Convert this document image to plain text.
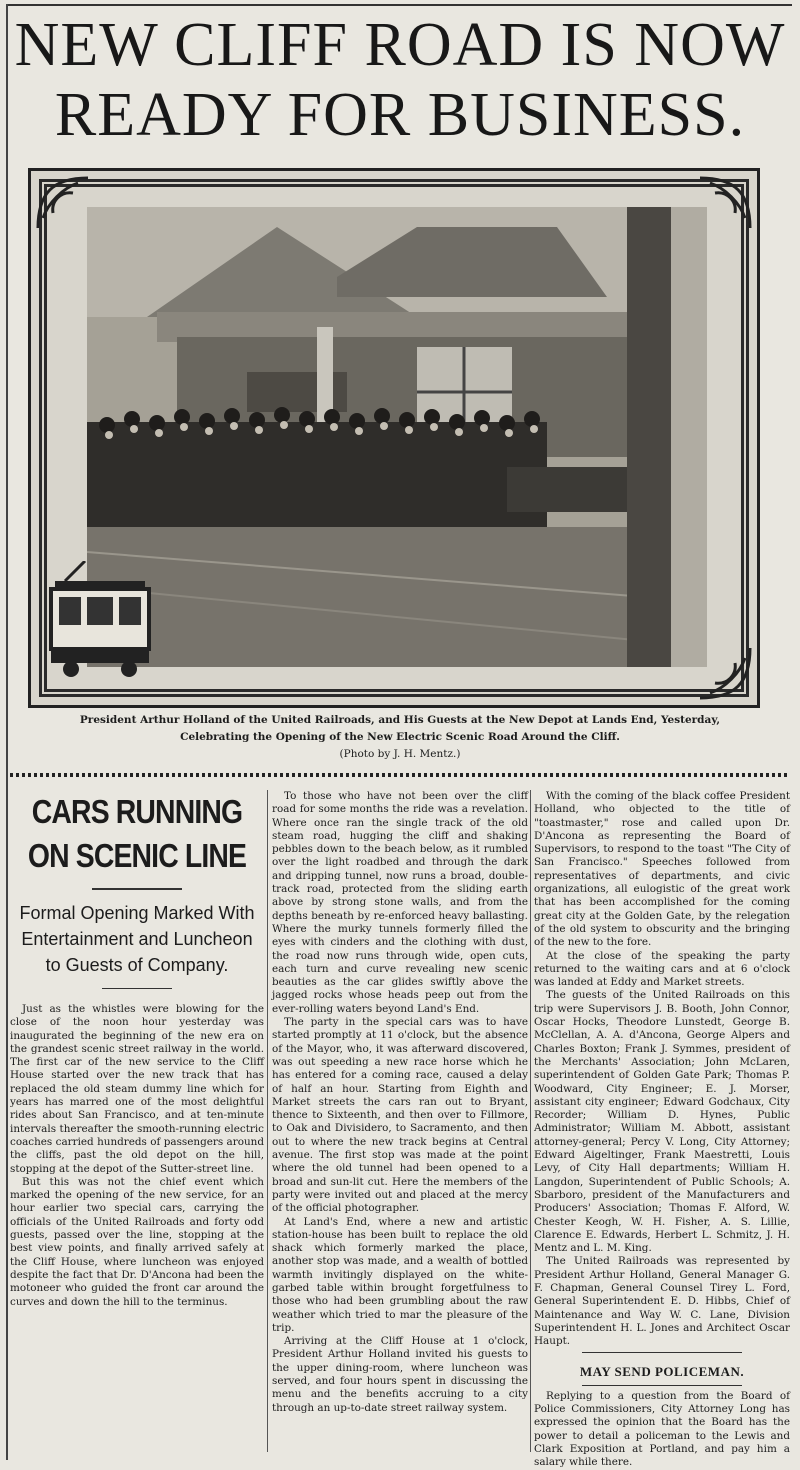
NEW CLIFF ROAD IS NOW
READY FOR BUSINESS.
President Arthur Holland of the United Railroads, and His Guests at the New Depot at Lands End, Yesterday,
Celebrating the Opening of the New Electric Scenic Road Around the Cliff.
(Photo by J. H. Mentz.)
CARS RUNNING
ON SCENIC LINE
Formal Opening Marked With Entertainment and Luncheon to Guests of Company.

Just as the whistles were blowing for the close of the noon hour yesterday was inaugurated the beginning of the new era on the grandest scenic street railway in the world. The first car of the new service to the Cliff House started over the new track that has replaced the old steam dummy line which for years has marred one of the most delightful rides about San Francisco, and at ten-minute intervals thereafter the smooth-running electric coaches carried hundreds of passengers around the cliffs, past the old depot on the hill, stopping at the depot of the Sutter-street line.

But this was not the chief event which marked the opening of the new service, for an hour earlier two special cars, carrying the officials of the United Railroads and forty odd guests, passed over the line, stopping at the best view points, and finally arrived safely at the Cliff House, where luncheon was enjoyed despite the fact that Dr. D'Ancona had been the motoneer who guided the front car around the curves and down the hill to the terminus.

To those who have not been over the cliff road for some months the ride was a revelation. Where once ran the single track of the old steam road, hugging the cliff and shaking pebbles down to the beach below, as it rumbled over the light roadbed and through the dark and dripping tunnel, now runs a broad, double-track road, protected from the sliding earth above by strong stone walls, and from the depths beneath by re-enforced heavy ballasting. Where the murky tunnels formerly filled the eyes with cinders and the clothing with dust, the road now runs through wide, open cuts, each turn and curve revealing new scenic beauties as the car glides swiftly above the jagged rocks whose heads peep out from the ever-rolling waters beyond Land's End.

The party in the special cars was to have started promptly at 11 o'clock, but the absence of the Mayor, who, it was afterward discovered, was out speeding a new race horse which he has entered for a coming race, caused a delay of half an hour. Starting from Eighth and Market streets the cars ran out to Bryant, thence to Sixteenth, and then over to Fillmore, to Oak and Divisidero, to Sacramento, and then out to where the new track begins at Central avenue. The first stop was made at the point where the old tunnel had been opened to a broad and sun-lit cut. Here the members of the party were invited out and placed at the mercy of the official photographer.

At Land's End, where a new and artistic station-house has been built to replace the old shack which formerly marked the place, another stop was made, and a wealth of bottled warmth invitingly displayed on the white-garbed table within brought forgetfulness to those who had been grumbling about the raw weather which tried to mar the pleasure of the trip.

Arriving at the Cliff House at 1 o'clock, President Arthur Holland invited his guests to the upper dining-room, where luncheon was served, and four hours spent in discussing the menu and the benefits accruing to a city through an up-to-date street railway system.

With the coming of the black coffee President Holland, who objected to the title of "toastmaster," rose and called upon Dr. D'Ancona as representing the Board of Supervisors, to respond to the toast "The City of San Francisco." Speeches followed from representatives of departments, and civic organizations, all eulogistic of the great work that has been accomplished for the coming great city at the Golden Gate, by the relegation of the old system to obscurity and the bringing of the new to the fore.

At the close of the speaking the party returned to the waiting cars and at 6 o'clock was landed at Eddy and Market streets.

The guests of the United Railroads on this trip were Supervisors J. B. Booth, John Connor, Oscar Hocks, Theodore Lunstedt, George B. McClellan, A. A. d'Ancona, George Alpers and Charles Boxton; Frank J. Symmes, president of the Merchants' Association; John McLaren, superintendent of Golden Gate Park; Thomas P. Woodward, City Engineer; E. J. Morser, assistant city engineer; Edward Godchaux, City Recorder; William D. Hynes, Public Administrator; William M. Abbott, assistant attorney-general; Percy V. Long, City Attorney; Edward Aigeltinger, Frank Maestretti, Louis Levy, of City Hall departments; William H. Langdon, Superintendent of Public Schools; A. Sbarboro, president of the Manufacturers and Producers' Association; Thomas F. Alford, W. Chester Keogh, W. H. Fisher, A. S. Lillie, Clarence E. Edwards, Herbert L. Schmitz, J. H. Mentz and L. M. King.

The United Railroads was represented by President Arthur Holland, General Manager G. F. Chapman, General Counsel Tirey L. Ford, General Superintendent E. D. Hibbs, Chief of Maintenance and Way W. C. Lane, Division Superintendent H. L. Jones and Architect Oscar Haupt.

MAY SEND POLICEMAN.

Replying to a question from the Board of Police Commissioners, City Attorney Long has expressed the opinion that the Board has the power to detail a policeman to the Lewis and Clark Exposition at Portland, and pay him a salary while there.
